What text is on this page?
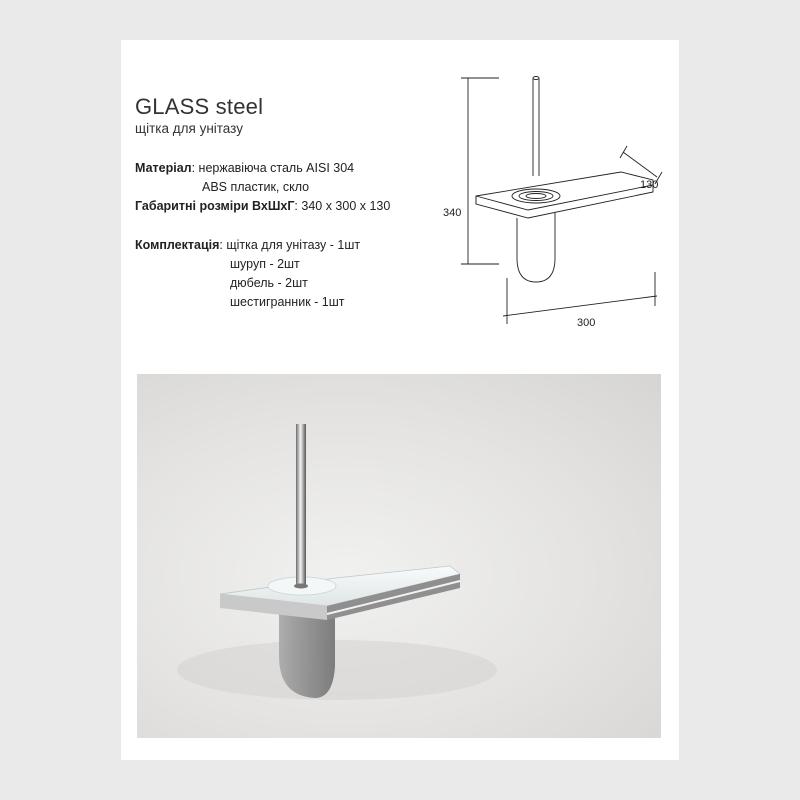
GLASS steel
щітка для унітазу
Матеріал: нержавіюча сталь AISI 304
ABS пластик, скло
Габаритні розміри ВхШхГ: 340 х 300 х 130
Комплектація: щітка для унітазу - 1шт
шуруп - 2шт
дюбель - 2шт
шестигранник - 1шт
340
300
130
